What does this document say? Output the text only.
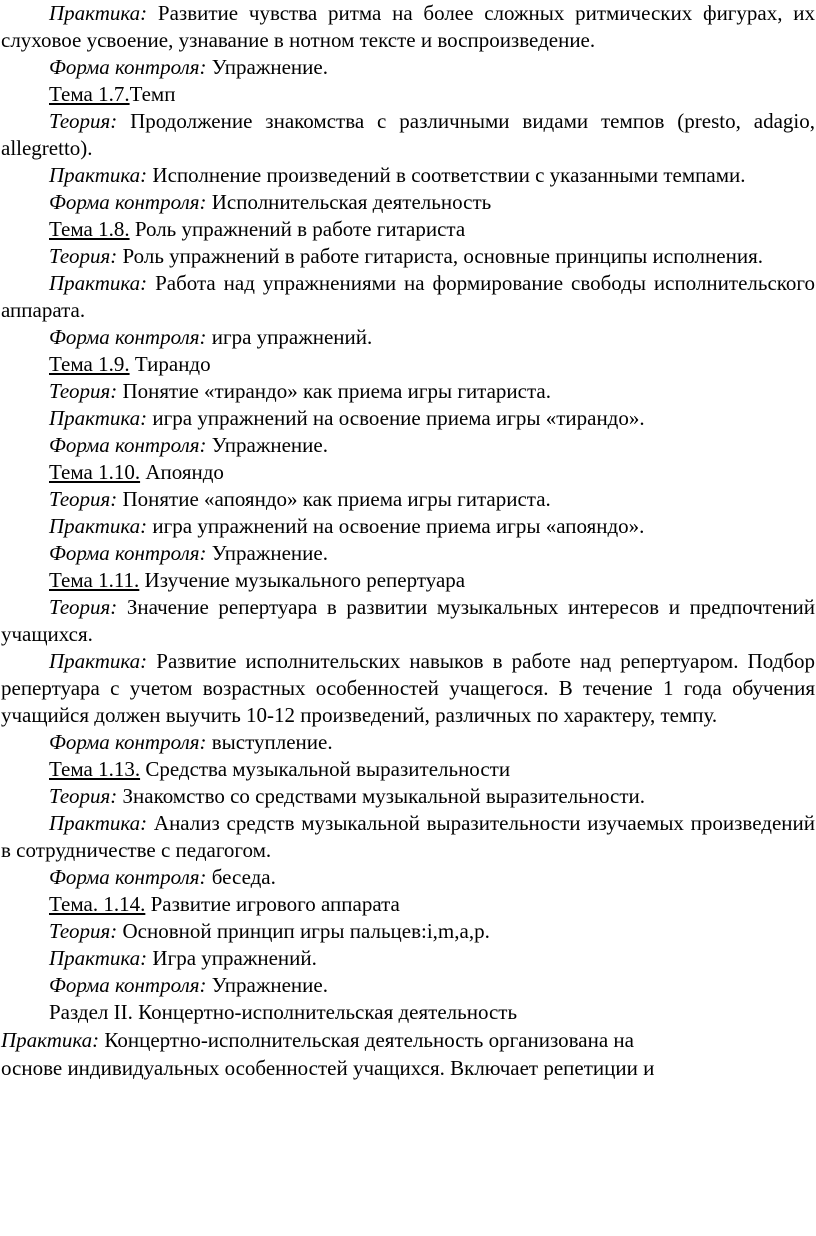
Практика: Развитие чувства ритма на более сложных ритмических фигурах, их слуховое усвоение, узнавание в нотном тексте и воспроизведение.

Форма контроля: Упражнение.

Тема 1.7.Темп

Теория: Продолжение знакомства с различными видами темпов (presto, adagio, allegretto).

Практика: Исполнение произведений в соответствии с указанными темпами.

Форма контроля: Исполнительская деятельность

Тема 1.8. Роль упражнений в работе гитариста

Теория: Роль упражнений в работе гитариста, основные принципы исполнения.

Практика: Работа над упражнениями на формирование свободы исполнительского аппарата.

Форма контроля: игра упражнений.

Тема 1.9. Тирандо

Теория: Понятие «тирандо» как приема игры гитариста.

Практика: игра упражнений на освоение приема игры «тирандо».

Форма контроля: Упражнение.

Тема 1.10. Апояндо

Теория: Понятие «апояндо» как приема игры гитариста.

Практика: игра упражнений на освоение приема игры «апояндо».

Форма контроля: Упражнение.

Тема 1.11. Изучение музыкального репертуара

Теория: Значение репертуара в развитии музыкальных интересов и предпочтений учащихся.

Практика: Развитие исполнительских навыков в работе над репертуаром. Подбор репертуара с учетом возрастных особенностей учащегося. В течение 1 года обучения учащийся должен выучить 10-12 произведений, различных по характеру, темпу.

Форма контроля: выступление.

Тема 1.13. Средства музыкальной выразительности

Теория: Знакомство со средствами музыкальной выразительности.

Практика: Анализ средств музыкальной выразительности изучаемых произведений в сотрудничестве с педагогом.

Форма контроля: беседа.

Тема. 1.14. Развитие игрового аппарата

Теория: Основной принцип игры пальцев:i,m,a,p.

Практика: Игра упражнений.

Форма контроля: Упражнение.

Раздел II. Концертно-исполнительская деятельность

Практика: Концертно-исполнительская деятельность организована на
основе индивидуальных особенностей учащихся. Включает репетиции и
